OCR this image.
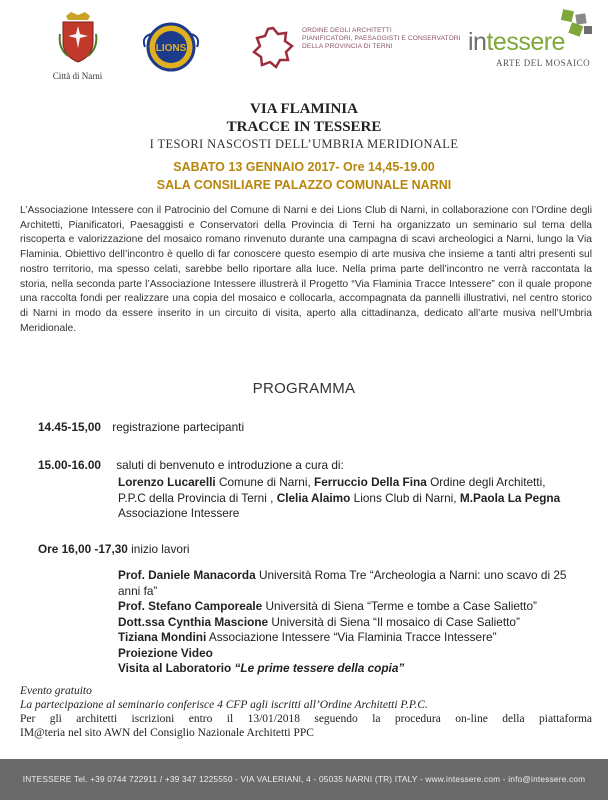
Città di Narni
LIONS
ORDINE DEGLI ARCHITETTI
PIANIFICATORI, PAESAGGISTI E CONSERVATORI
DELLA PROVINCIA DI TERNI	intessere
ARTE DEL MOSAICO
VIA FLAMINIA
TRACCE IN TESSERE
I TESORI NASCOSTI DELL’UMBRIA MERIDIONALE
SABATO 13 GENNAIO 2017- Ore 14,45-19.00
SALA CONSILIARE PALAZZO COMUNALE NARNI
L’Associazione Intessere con il Patrocinio del Comune di Narni e dei Lions Club di Narni, in collaborazione con l’Ordine degli Architetti, Pianificatori, Paesaggisti e Conservatori della Provincia di Terni ha organizzato un seminario sul tema della riscoperta e valorizzazione del mosaico romano rinvenuto durante una campagna di scavi archeologici a Narni, lungo la Via Flaminia. Obiettivo dell’incontro è quello di far conoscere questo esempio di arte musiva che insieme a tanti altri presenti sul nostro territorio, ma spesso celati, sarebbe bello riportare alla luce. Nella prima parte dell’incontro ne verrà raccontata la storia, nella seconda parte l’Associazione Intessere illustrerà il Progetto “Via Flaminia Tracce Intessere” con il quale propone una raccolta fondi per realizzare una copia del mosaico e collocarla, accompagnata da pannelli illustrativi, nel centro storico di Narni in modo da essere inserito in un circuito di visita, aperto alla cittadinanza, dedicato all’arte musiva nell’Umbria Meridionale.
PROGRAMMA
14.45-15,00 registrazione partecipanti
15.00-16.00 saluti di benvenuto e introduzione a cura di:
Lorenzo Lucarelli Comune di Narni, Ferruccio Della Fina Ordine degli Architetti, P.P.C della Provincia di Terni , Clelia Alaimo Lions Club di Narni, M.Paola La Pegna Associazione Intessere
Ore 16,00 -17,30 inizio lavori
Prof. Daniele Manacorda Università Roma Tre “Archeologia a Narni: uno scavo di 25 anni fa”
Prof. Stefano Camporeale Università di Siena “Terme e tombe a Case Salietto”
Dott.ssa Cynthia Mascione Università di Siena “Il mosaico di Case Salietto”
Tiziana Mondini Associazione Intessere “Via Flaminia Tracce Intessere”
Proiezione Video
Visita al Laboratorio “Le prime tessere della copia”
Evento gratuito
La partecipazione al seminario conferisce 4 CFP agli iscritti all’Ordine Architetti P.P.C.
Per gli architetti iscrizioni entro il 13/01/2018 seguendo la procedura on-line della piattaforma
IM@teria nel sito AWN del Consiglio Nazionale Architetti PPC
INTESSERE Tel. +39 0744 722911 / +39 347 1225550 - VIA VALERIANI, 4 - 05035 NARNI (TR) ITALY - www.intessere.com - info@intessere.com
